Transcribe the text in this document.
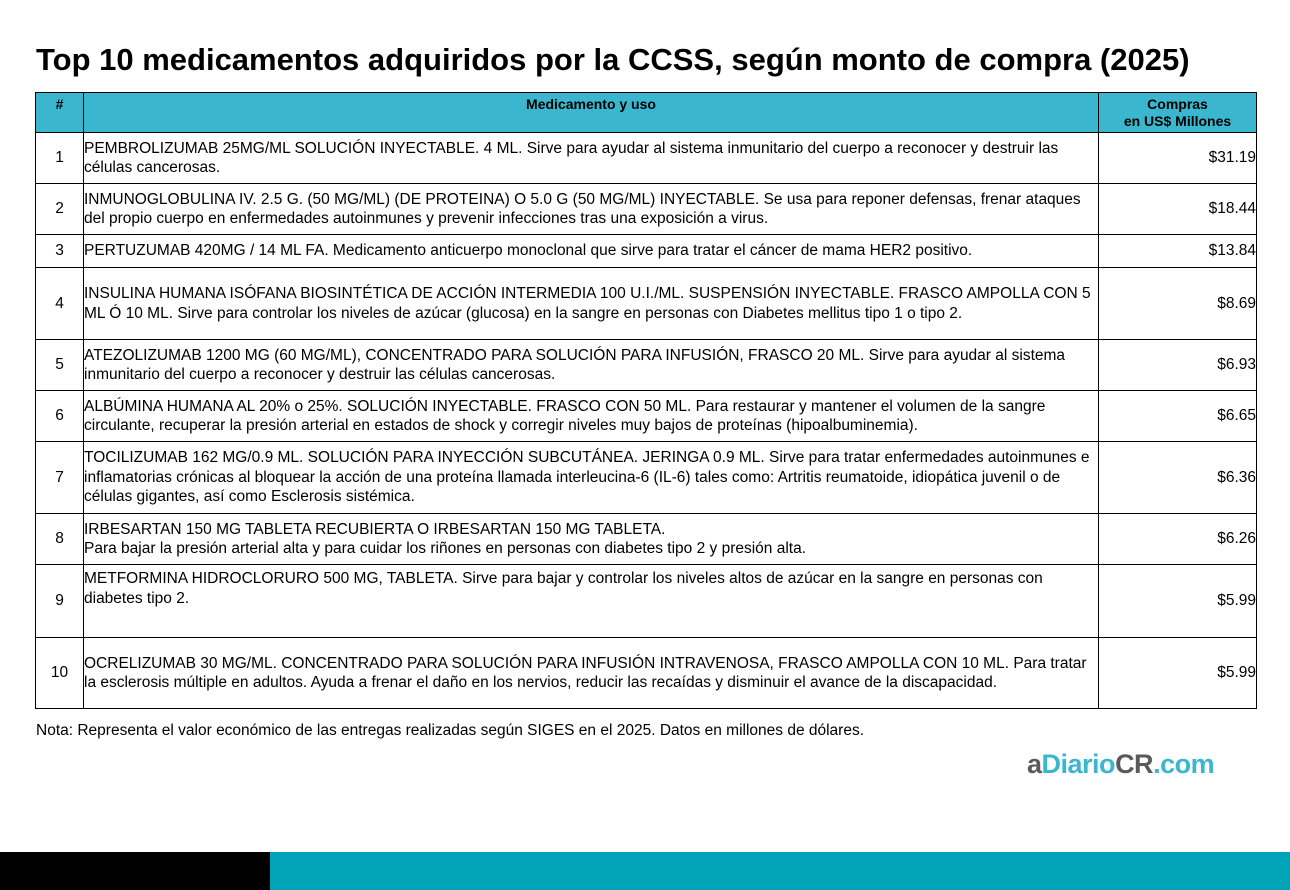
Top 10 medicamentos adquiridos por la CCSS, según monto de compra (2025)
#	Medicamento y uso	Compras
en US$ Millones
1	PEMBROLIZUMAB 25MG/ML SOLUCIÓN INYECTABLE. 4 ML. Sirve para ayudar al sistema inmunitario del cuerpo a reconocer y destruir las células cancerosas.	$31.19
2	INMUNOGLOBULINA IV. 2.5 G. (50 MG/ML) (DE PROTEINA) O 5.0 G (50 MG/ML) INYECTABLE. Se usa para reponer defensas, frenar ataques del propio cuerpo en enfermedades autoinmunes y prevenir infecciones tras una exposición a virus.	$18.44
3	PERTUZUMAB 420MG / 14 ML FA. Medicamento anticuerpo monoclonal que sirve para tratar el cáncer de mama HER2 positivo.	$13.84
4	INSULINA HUMANA ISÓFANA BIOSINTÉTICA DE ACCIÓN INTERMEDIA 100 U.I./ML. SUSPENSIÓN INYECTABLE. FRASCO AMPOLLA CON 5 ML Ó 10 ML. Sirve para controlar los niveles de azúcar (glucosa) en la sangre en personas con Diabetes mellitus tipo 1 o tipo 2.	$8.69
5	ATEZOLIZUMAB 1200 MG (60 MG/ML), CONCENTRADO PARA SOLUCIÓN PARA INFUSIÓN, FRASCO 20 ML. Sirve para ayudar al sistema inmunitario del cuerpo a reconocer y destruir las células cancerosas.	$6.93
6	ALBÚMINA HUMANA AL 20% o 25%. SOLUCIÓN INYECTABLE. FRASCO CON 50 ML. Para restaurar y mantener el volumen de la sangre circulante, recuperar la presión arterial en estados de shock y corregir niveles muy bajos de proteínas (hipoalbuminemia).	$6.65
7	TOCILIZUMAB 162 MG/0.9 ML. SOLUCIÓN PARA INYECCIÓN SUBCUTÁNEA. JERINGA 0.9 ML. Sirve para tratar enfermedades autoinmunes e inflamatorias crónicas al bloquear la acción de una proteína llamada interleucina-6 (IL-6) tales como: Artritis reumatoide, idiopática juvenil o de células gigantes, así como Esclerosis sistémica.	$6.36
8	IRBESARTAN 150 MG TABLETA RECUBIERTA O IRBESARTAN 150 MG TABLETA.
Para bajar la presión arterial alta y para cuidar los riñones en personas con diabetes tipo 2 y presión alta.	$6.26
9	METFORMINA HIDROCLORURO 500 MG, TABLETA. Sirve para bajar y controlar los niveles altos de azúcar en la sangre en personas con diabetes tipo 2.	$5.99
10	OCRELIZUMAB 30 MG/ML. CONCENTRADO PARA SOLUCIÓN PARA INFUSIÓN INTRAVENOSA, FRASCO AMPOLLA CON 10 ML. Para tratar la esclerosis múltiple en adultos. Ayuda a frenar el daño en los nervios, reducir las recaídas y disminuir el avance de la discapacidad.	$5.99
Nota: Representa el valor económico de las entregas realizadas según SIGES en el 2025. Datos en millones de dólares.
aDiarioCR.com
